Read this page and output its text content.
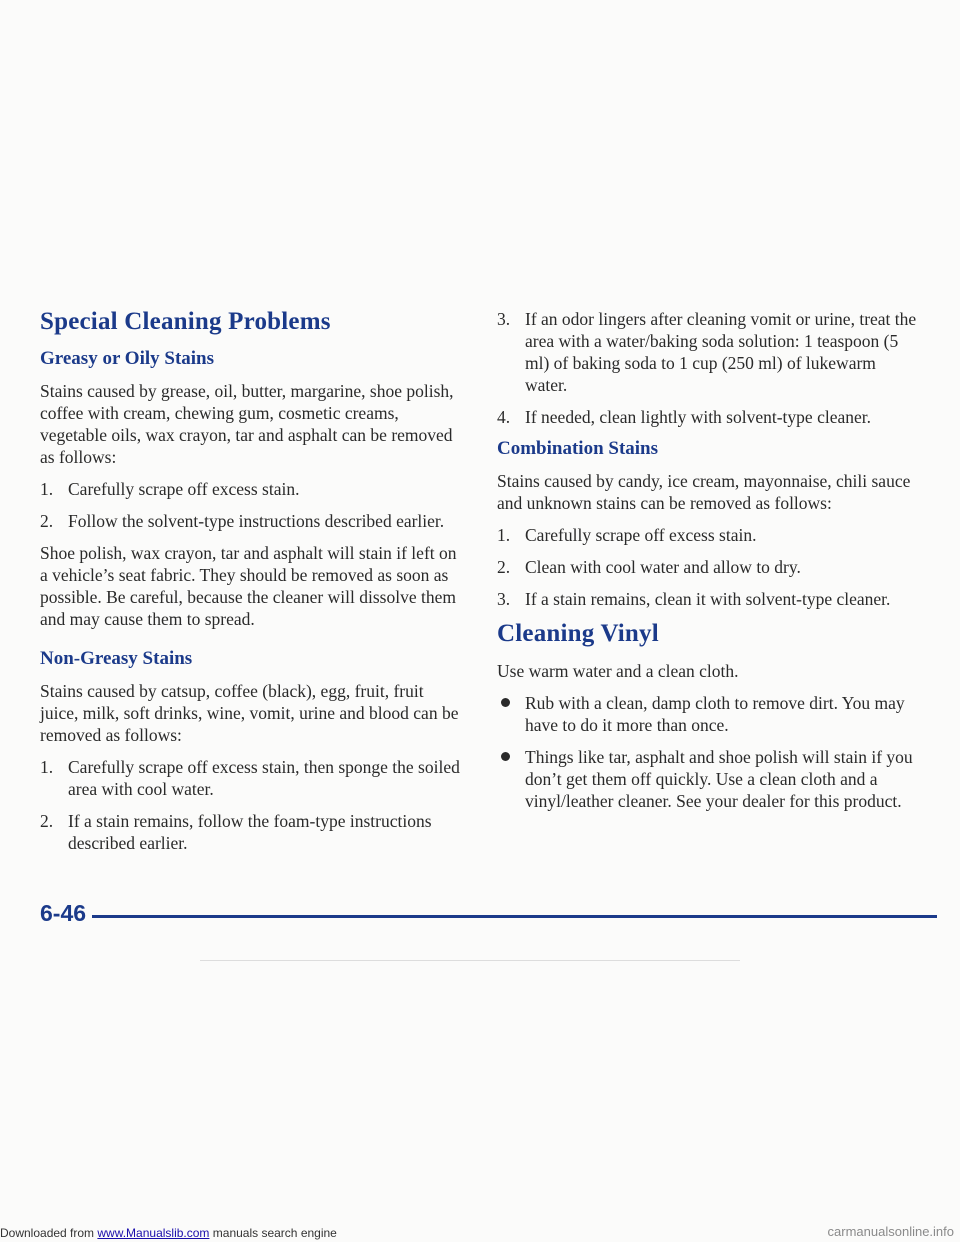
Special Cleaning Problems
Greasy or Oily Stains

Stains caused by grease, oil, butter, margarine, shoe polish, coffee with cream, chewing gum, cosmetic creams, vegetable oils, wax crayon, tar and asphalt can be removed as follows:

1. Carefully scrape off excess stain.
2. Follow the solvent-type instructions described earlier.

Shoe polish, wax crayon, tar and asphalt will stain if left on a vehicle’s seat fabric. They should be removed as soon as possible. Be careful, because the cleaner will dissolve them and may cause them to spread.

Non-Greasy Stains

Stains caused by catsup, coffee (black), egg, fruit, fruit juice, milk, soft drinks, wine, vomit, urine and blood can be removed as follows:

1. Carefully scrape off excess stain, then sponge the soiled area with cool water.
2. If a stain remains, follow the foam-type instructions described earlier.
3. If an odor lingers after cleaning vomit or urine, treat the area with a water/baking soda solution: 1 teaspoon (5 ml) of baking soda to 1 cup (250 ml) of lukewarm water.
4. If needed, clean lightly with solvent-type cleaner.
Combination Stains

Stains caused by candy, ice cream, mayonnaise, chili sauce and unknown stains can be removed as follows:

1. Carefully scrape off excess stain.
2. Clean with cool water and allow to dry.
3. If a stain remains, clean it with solvent-type cleaner.
Cleaning Vinyl

Use warm water and a clean cloth.

Rub with a clean, damp cloth to remove dirt. You may have to do it more than once.
Things like tar, asphalt and shoe polish will stain if you don’t get them off quickly. Use a clean cloth and a vinyl/leather cleaner. See your dealer for this product.
6-46
Downloaded from www.Manualslib.com manuals search engine	carmanualsonline.info
